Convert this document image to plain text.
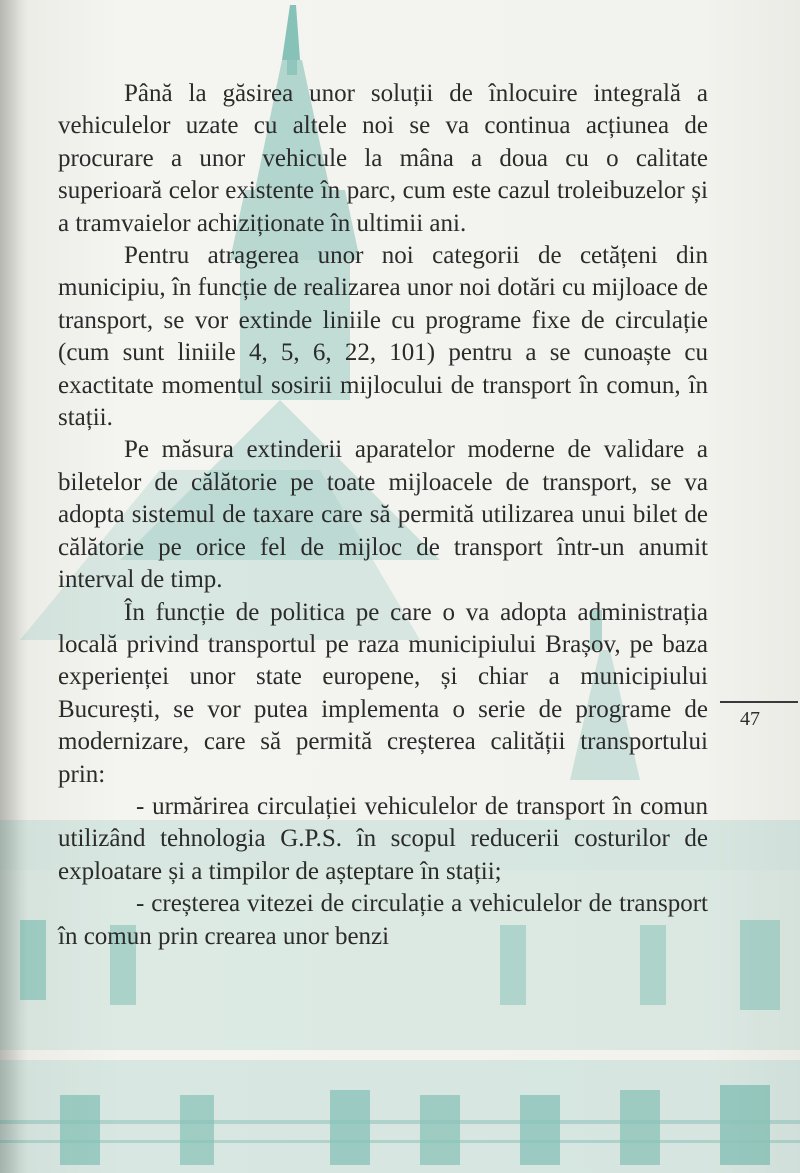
Până la găsirea unor soluții de înlocuire integrală a vehiculelor uzate cu altele noi se va continua acțiunea de procurare a unor vehicule la mâna a doua cu o calitate superioară celor existente în parc, cum este cazul troleibuzelor și a tramvaielor achiziționate în ultimii ani.

Pentru atragerea unor noi categorii de cetățeni din municipiu, în funcție de realizarea unor noi dotări cu mijloace de transport, se vor extinde liniile cu programe fixe de circulație (cum sunt liniile 4, 5, 6, 22, 101) pentru a se cunoaște cu exactitate momentul sosirii mijlocului de transport în comun, în stații.

Pe măsura extinderii aparatelor moderne de validare a biletelor de călătorie pe toate mijloacele de transport, se va adopta sistemul de taxare care să permită utilizarea unui bilet de călătorie pe orice fel de mijloc de transport într-un anumit interval de timp.

În funcție de politica pe care o va adopta administrația locală privind transportul pe raza municipiului Brașov, pe baza experienței unor state europene, și chiar a municipiului București, se vor putea implementa o serie de programe de modernizare, care să permită creșterea calității transportului prin:

- urmărirea circulației vehiculelor de transport în comun utilizând tehnologia G.P.S. în scopul reducerii costurilor de exploatare și a timpilor de așteptare în stații;

- creșterea vitezei de circulație a vehiculelor de transport în comun prin crearea unor benzi

47
